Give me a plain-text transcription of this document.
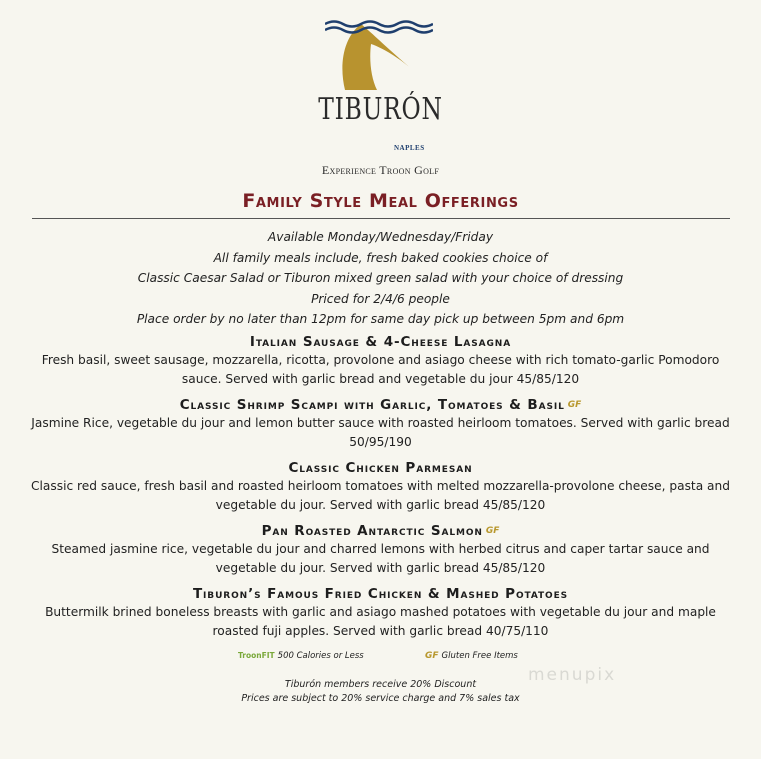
TIBURÓN
NAPLES
Experience Troon Golf
Family Style Meal Offerings
Available Monday/Wednesday/Friday
All family meals include, fresh baked cookies choice of
Classic Caesar Salad or Tiburon mixed green salad with your choice of dressing
Priced for 2/4/6 people
Place order by no later than 12pm for same day pick up between 5pm and 6pm
Italian Sausage & 4-Cheese Lasagna
Fresh basil, sweet sausage, mozzarella, ricotta, provolone and asiago cheese with rich tomato-garlic Pomodoro sauce. Served with garlic bread and vegetable du jour 45/85/120
Classic Shrimp Scampi with Garlic, Tomatoes & Basil GF
Jasmine Rice, vegetable du jour and lemon butter sauce with roasted heirloom tomatoes. Served with garlic bread 50/95/190
Classic Chicken Parmesan
Classic red sauce, fresh basil and roasted heirloom tomatoes with melted mozzarella-provolone cheese, pasta and vegetable du jour. Served with garlic bread 45/85/120
Pan Roasted Antarctic Salmon GF
Steamed jasmine rice, vegetable du jour and charred lemons with herbed citrus and caper tartar sauce and vegetable du jour. Served with garlic bread 45/85/120
Tiburon’s Famous Fried Chicken & Mashed Potatoes
Buttermilk brined boneless breasts with garlic and asiago mashed potatoes with vegetable du jour and maple roasted fuji apples. Served with garlic bread 40/75/110
TroonFIT 500 Calories or Less	GF Gluten Free Items
menupix
Tiburón members receive 20% Discount
Prices are subject to 20% service charge and 7% sales tax
